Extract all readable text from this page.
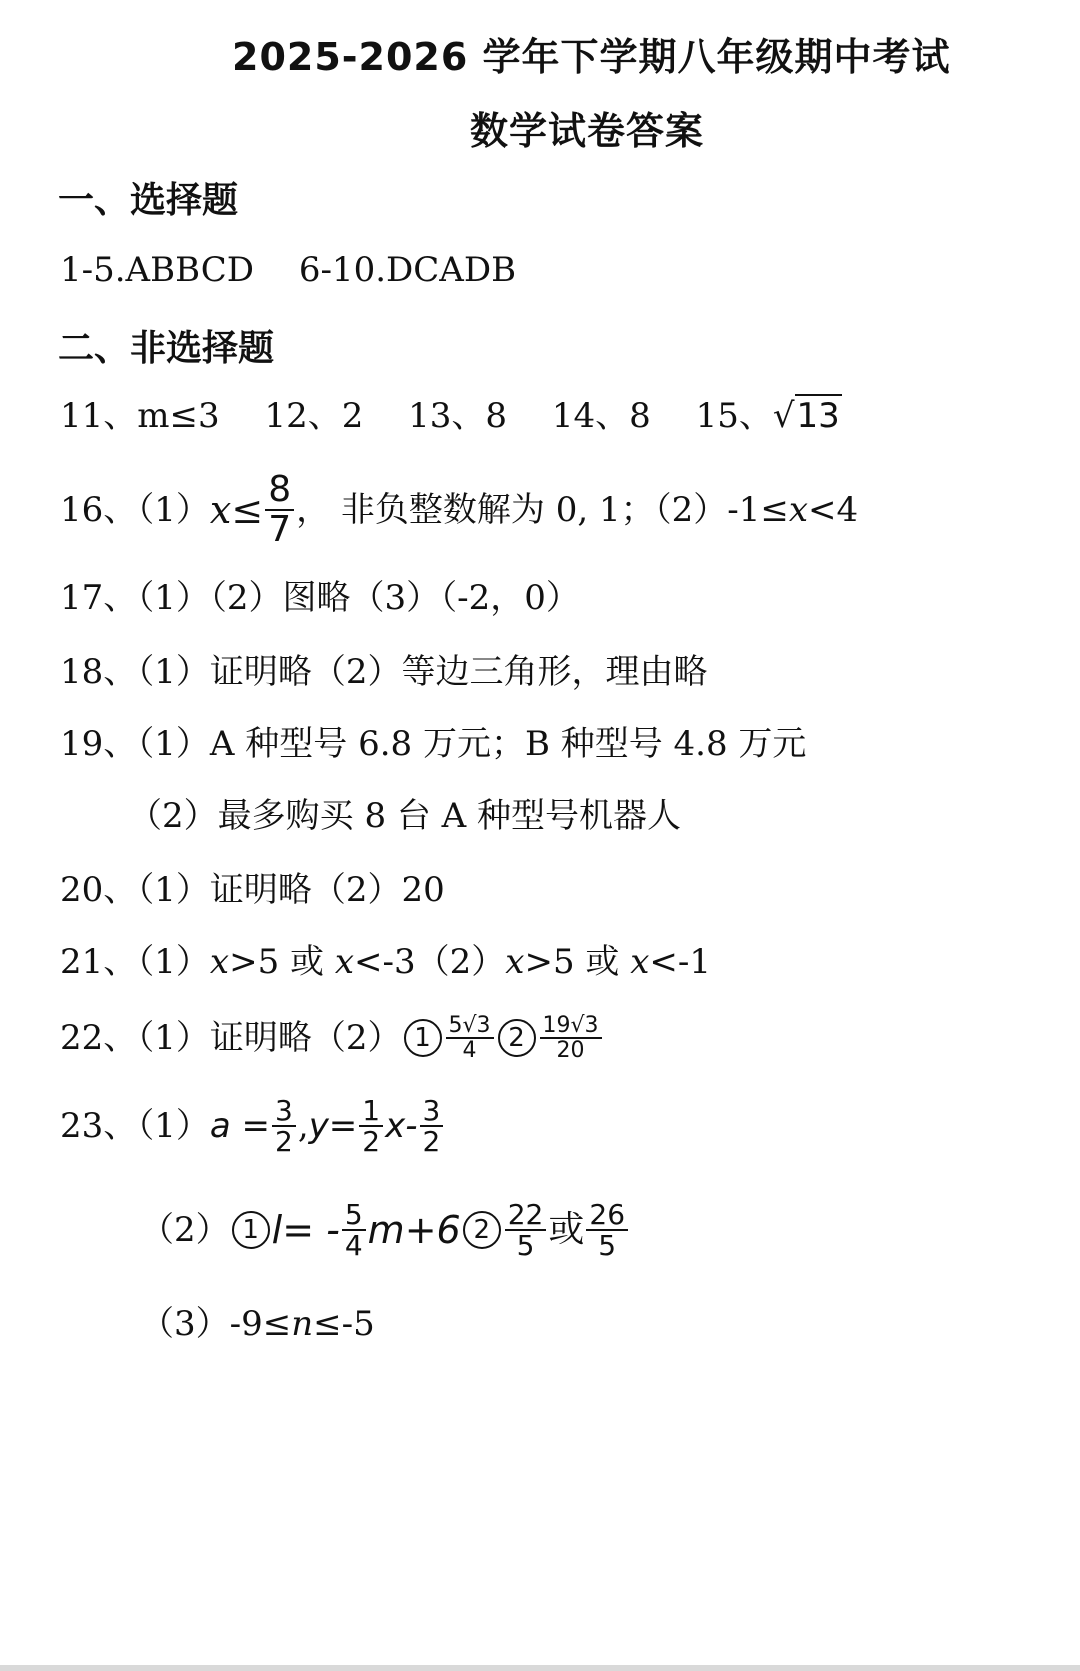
2025-2026 学年下学期八年级期中考试
数学试卷答案
一、选择题
1-5.ABBCD 6-10.DCADB
二、非选择题
11、m≤3 12、2 13、8 14、8 15、√13
16、（1） $x\le \frac{8}{7}$ ， 非负整数解为 0, 1；（2）-1≤ x <4
17、（1）（2）图略（3）（-2，0）
18、（1）证明略（2）等边三角形，理由略
19、（1）A 种型号 6.8 万元；B 种型号 4.8 万元
（2）最多购买 8 台 A 种型号机器人
20、（1）证明略（2）20
21、（1）x>5 或 x<-3（2）x>5 或 x<-1
22、（1）证明略（2） $1 \frac{5√3}{4} 2 \frac{19√3}{20}$
23、（1） $a = \frac{3}{2}$ , $y= \frac{1}{2} x- \frac{3}{2}$
（2） 1 $l= - \frac{5}{4} m+6$ $2 \frac{22}{5}$ 或 $\frac{26}{5}$
（3）-9≤n≤-5
